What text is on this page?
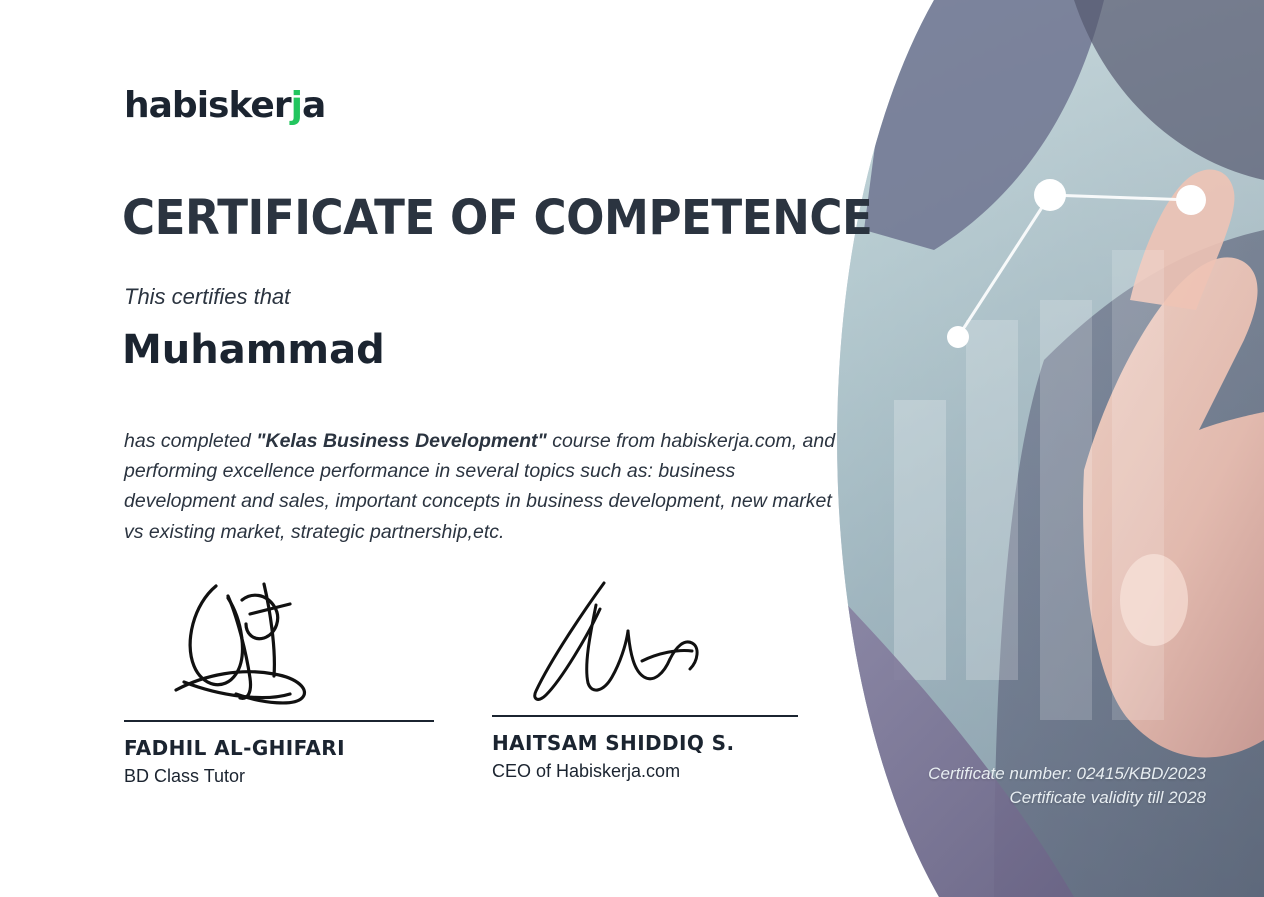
habiskerja
CERTIFICATE OF COMPETENCE
This certifies that
Muhammad
has completed "Kelas Business Development" course from habiskerja.com, and performing excellence performance in several topics such as: business development and sales, important concepts in business development, new market vs existing market, strategic partnership,etc.
FADHIL AL-GHIFARI
BD Class Tutor
HAITSAM SHIDDIQ S.
CEO of Habiskerja.com	Certificate number: 02415/KBD/2023
Certificate validity till 2028
